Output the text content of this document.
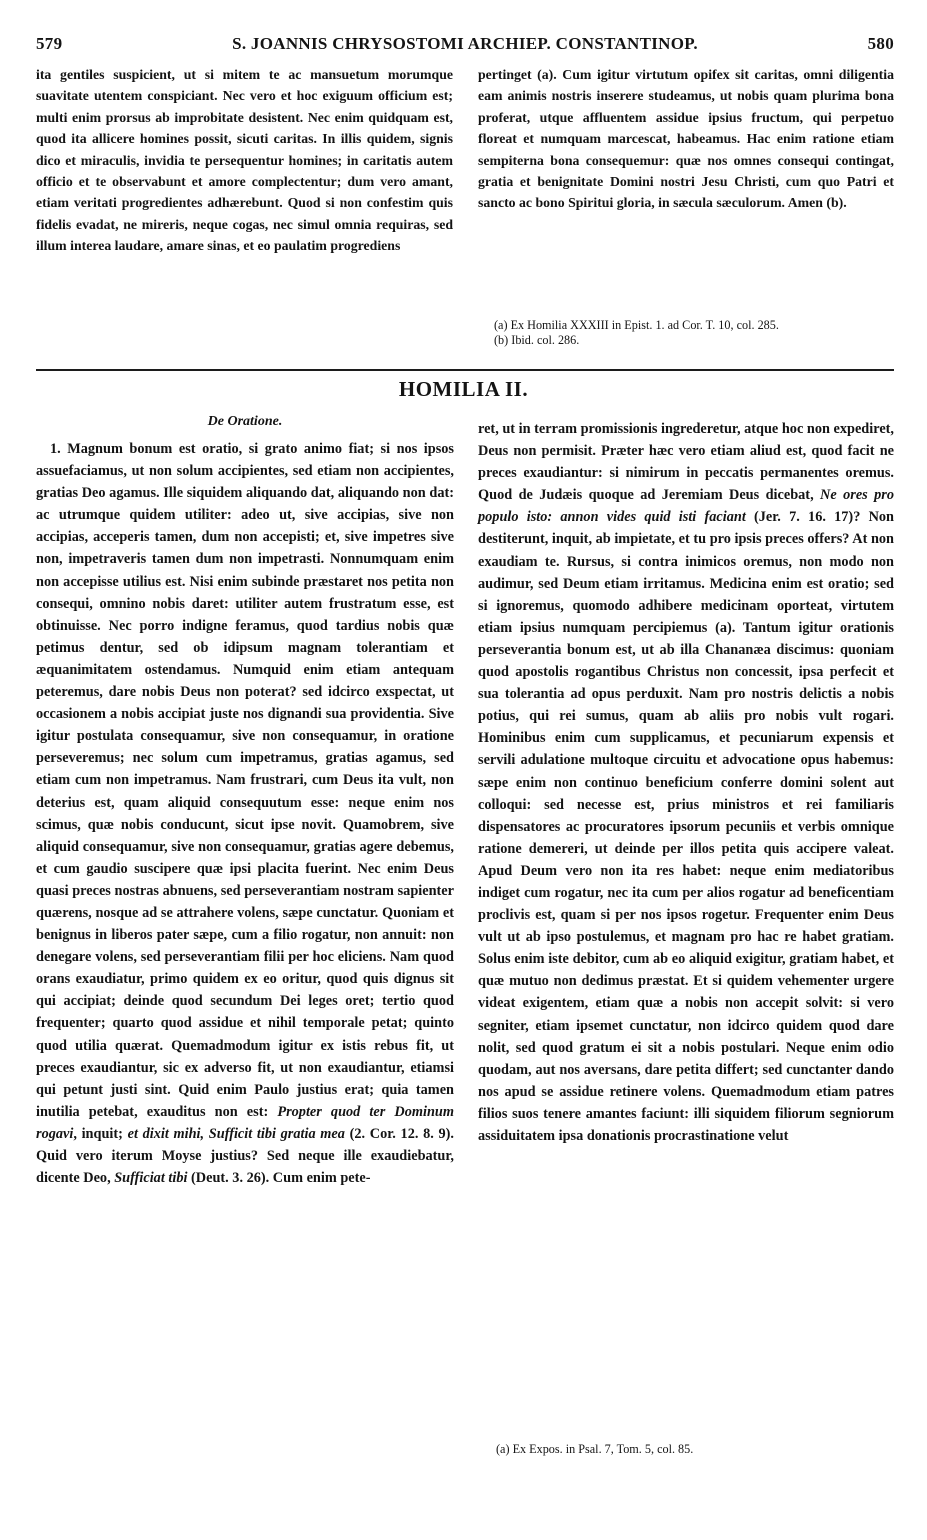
579	S. JOANNIS CHRYSOSTOMI ARCHIEP. CONSTANTINOP.	580

ita gentiles suspicient, ut si mitem te ac mansuetum morumque suavitate utentem conspiciant. Nec vero et hoc exiguum officium est; multi enim prorsus ab improbitate desistent. Nec enim quidquam est, quod ita allicere homines possit, sicuti caritas. In illis quidem, signis dico et miraculis, invidia te persequentur homines; in caritatis autem officio et te observabunt et amore complectentur; dum vero amant, etiam veritati progredientes adhærebunt. Quod si non confestim quis fidelis evadat, ne mireris, neque cogas, nec simul omnia requiras, sed illum interea laudare, amare sinas, et eo paulatim progrediens

pertinget (a). Cum igitur virtutum opifex sit caritas, omni diligentia eam animis nostris inserere studeamus, ut nobis quam plurima bona proferat, utque affluentem assidue ipsius fructum, qui perpetuo floreat et numquam marcescat, habeamus. Hac enim ratione etiam sempiterna bona consequemur: quæ nos omnes consequi contingat, gratia et benignitate Domini nostri Jesu Christi, cum quo Patri et sancto ac bono Spiritui gloria, in sæcula sæculorum. Amen (b).

(a) Ex Homilia XXXIII in Epist. 1. ad Cor. T. 10, col. 285.

(b) Ibid. col. 286.

HOMILIA II.
De Oratione.

1. Magnum bonum est oratio, si grato animo fiat; si nos ipsos assuefaciamus, ut non solum accipientes, sed etiam non accipientes, gratias Deo agamus. Ille siquidem aliquando dat, aliquando non dat: ac utrumque quidem utiliter: adeo ut, sive accipias, sive non accipias, acceperis tamen, dum non accepisti; et, sive impetres sive non, impetraveris tamen dum non impetrasti. Nonnumquam enim non accepisse utilius est. Nisi enim subinde præstaret nos petita non consequi, omnino nobis daret: utiliter autem frustratum esse, est obtinuisse. Nec porro indigne feramus, quod tardius nobis quæ petimus dentur, sed ob idipsum magnam tolerantiam et æquanimitatem ostendamus. Numquid enim etiam antequam peteremus, dare nobis Deus non poterat? sed idcirco exspectat, ut occasionem a nobis accipiat juste nos dignandi sua providentia. Sive igitur postulata consequamur, sive non consequamur, in oratione perseveremus; nec solum cum impetramus, gratias agamus, sed etiam cum non impetramus. Nam frustrari, cum Deus ita vult, non deterius est, quam aliquid consequutum esse: neque enim nos scimus, quæ nobis conducunt, sicut ipse novit. Quamobrem, sive aliquid consequamur, sive non consequamur, gratias agere debemus, et cum gaudio suscipere quæ ipsi placita fuerint. Nec enim Deus quasi preces nostras abnuens, sed perseverantiam nostram sapienter quærens, nosque ad se attrahere volens, sæpe cunctatur. Quoniam et benignus in liberos pater sæpe, cum a filio rogatur, non annuit: non denegare volens, sed perseverantiam filii per hoc eliciens. Nam quod orans exaudiatur, primo quidem ex eo oritur, quod quis dignus sit qui accipiat; deinde quod secundum Dei leges oret; tertio quod frequenter; quarto quod assidue et nihil temporale petat; quinto quod utilia quærat. Quemadmodum igitur ex istis rebus fit, ut preces exaudiantur, sic ex adverso fit, ut non exaudiantur, etiamsi qui petunt justi sint. Quid enim Paulo justius erat; quia tamen inutilia petebat, exauditus non est: Propter quod ter Dominum rogavi, inquit; et dixit mihi, Sufficit tibi gratia mea (2. Cor. 12. 8. 9). Quid vero iterum Moyse justius? Sed neque ille exaudiebatur, dicente Deo, Sufficiat tibi (Deut. 3. 26). Cum enim pete-

ret, ut in terram promissionis ingrederetur, atque hoc non expediret, Deus non permisit. Præter hæc vero etiam aliud est, quod facit ne preces exaudiantur: si nimirum in peccatis permanentes oremus. Quod de Judæis quoque ad Jeremiam Deus dicebat, Ne ores pro populo isto: annon vides quid isti faciant (Jer. 7. 16. 17)? Non destiterunt, inquit, ab impietate, et tu pro ipsis preces offers? At non exaudiam te. Rursus, si contra inimicos oremus, non modo non audimur, sed Deum etiam irritamus. Medicina enim est oratio; sed si ignoremus, quomodo adhibere medicinam oporteat, virtutem etiam ipsius numquam percipiemus (a). Tantum igitur orationis perseverantia bonum est, ut ab illa Chananæa discimus: quoniam quod apostolis rogantibus Christus non concessit, ipsa perfecit et sua tolerantia ad opus perduxit. Nam pro nostris delictis a nobis potius, qui rei sumus, quam ab aliis pro nobis vult rogari. Hominibus enim cum supplicamus, et pecuniarum expensis et servili adulatione multoque circuitu et advocatione opus habemus: sæpe enim non continuo beneficium conferre domini solent aut colloqui: sed necesse est, prius ministros et rei familiaris dispensatores ac procuratores ipsorum pecuniis et verbis omnique ratione demereri, ut deinde per illos petita quis accipere valeat. Apud Deum vero non ita res habet: neque enim mediatoribus indiget cum rogatur, nec ita cum per alios rogatur ad beneficentiam proclivis est, quam si per nos ipsos rogetur. Frequenter enim Deus vult ut ab ipso postulemus, et magnam pro hac re habet gratiam. Solus enim iste debitor, cum ab eo aliquid exigitur, gratiam habet, et quæ mutuo non dedimus præstat. Et si quidem vehementer urgere videat exigentem, etiam quæ a nobis non accepit solvit: si vero segniter, etiam ipsemet cunctatur, non idcirco quidem quod dare nolit, sed quod gratum ei sit a nobis postulari. Neque enim odio quodam, aut nos aversans, dare petita differt; sed cunctanter dando nos apud se assidue retinere volens. Quemadmodum etiam patres filios suos tenere amantes faciunt: illi siquidem filiorum segniorum assiduitatem ipsa donationis procrastinatione velut

(a) Ex Expos. in Psal. 7, Tom. 5, col. 85.
